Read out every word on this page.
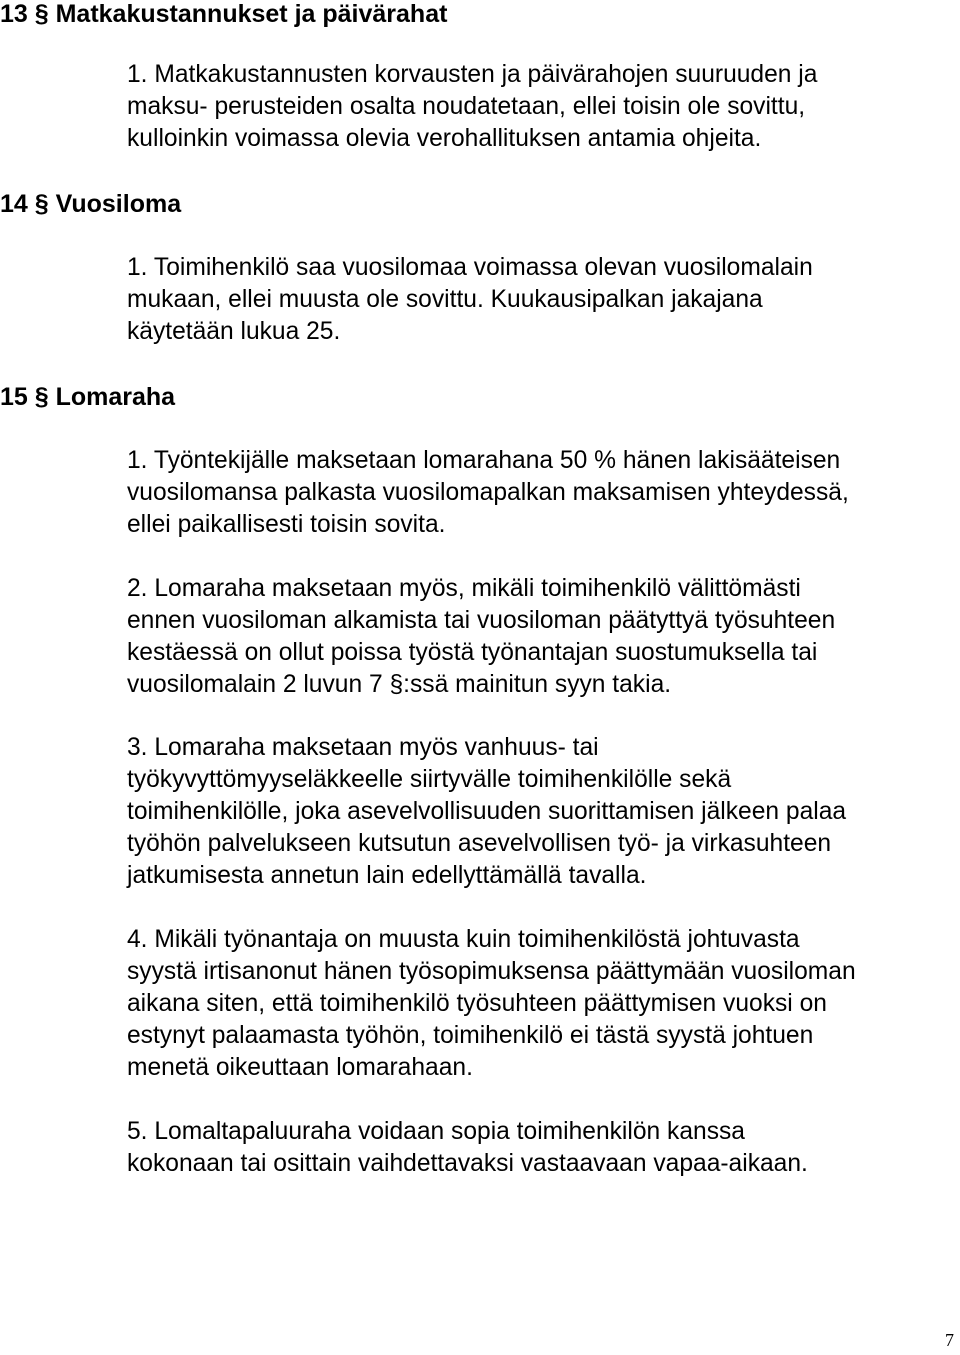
13 § Matkakustannukset ja päivärahat

1. Matkakustannusten korvausten ja päivärahojen suuruuden ja
maksu- perusteiden osalta noudatetaan, ellei toisin ole sovittu,
kulloinkin voimassa olevia verohallituksen antamia ohjeita.

14 § Vuosiloma

1. Toimihenkilö saa vuosilomaa voimassa olevan vuosilomalain
mukaan, ellei muusta ole sovittu. Kuukausipalkan jakajana
käytetään lukua 25.

15 § Lomaraha

1. Työntekijälle maksetaan lomarahana 50 % hänen lakisääteisen
vuosilomansa palkasta vuosilomapalkan maksamisen yhteydessä,
ellei paikallisesti toisin sovita.

2. Lomaraha maksetaan myös, mikäli toimihenkilö välittömästi
ennen vuosiloman alkamista tai vuosiloman päätyttyä työsuhteen
kestäessä on ollut poissa työstä työnantajan suostumuksella tai
vuosilomalain 2 luvun 7 §:ssä mainitun syyn takia.

3. Lomaraha maksetaan myös vanhuus- tai
työkyvyttömyyseläkkeelle siirtyvälle toimihenkilölle sekä
toimihenkilölle, joka asevelvollisuuden suorittamisen jälkeen palaa
työhön palvelukseen kutsutun asevelvollisen työ- ja virkasuhteen
jatkumisesta annetun lain edellyttämällä tavalla.

4. Mikäli työnantaja on muusta kuin toimihenkilöstä johtuvasta
syystä irtisanonut hänen työsopimuksensa päättymään vuosiloman
aikana siten, että toimihenkilö työsuhteen päättymisen vuoksi on
estynyt palaamasta työhön, toimihenkilö ei tästä syystä johtuen
menetä oikeuttaan lomarahaan.

5. Lomaltapaluuraha voidaan sopia toimihenkilön kanssa
kokonaan tai osittain vaihdettavaksi vastaavaan vapaa-aikaan.

7
